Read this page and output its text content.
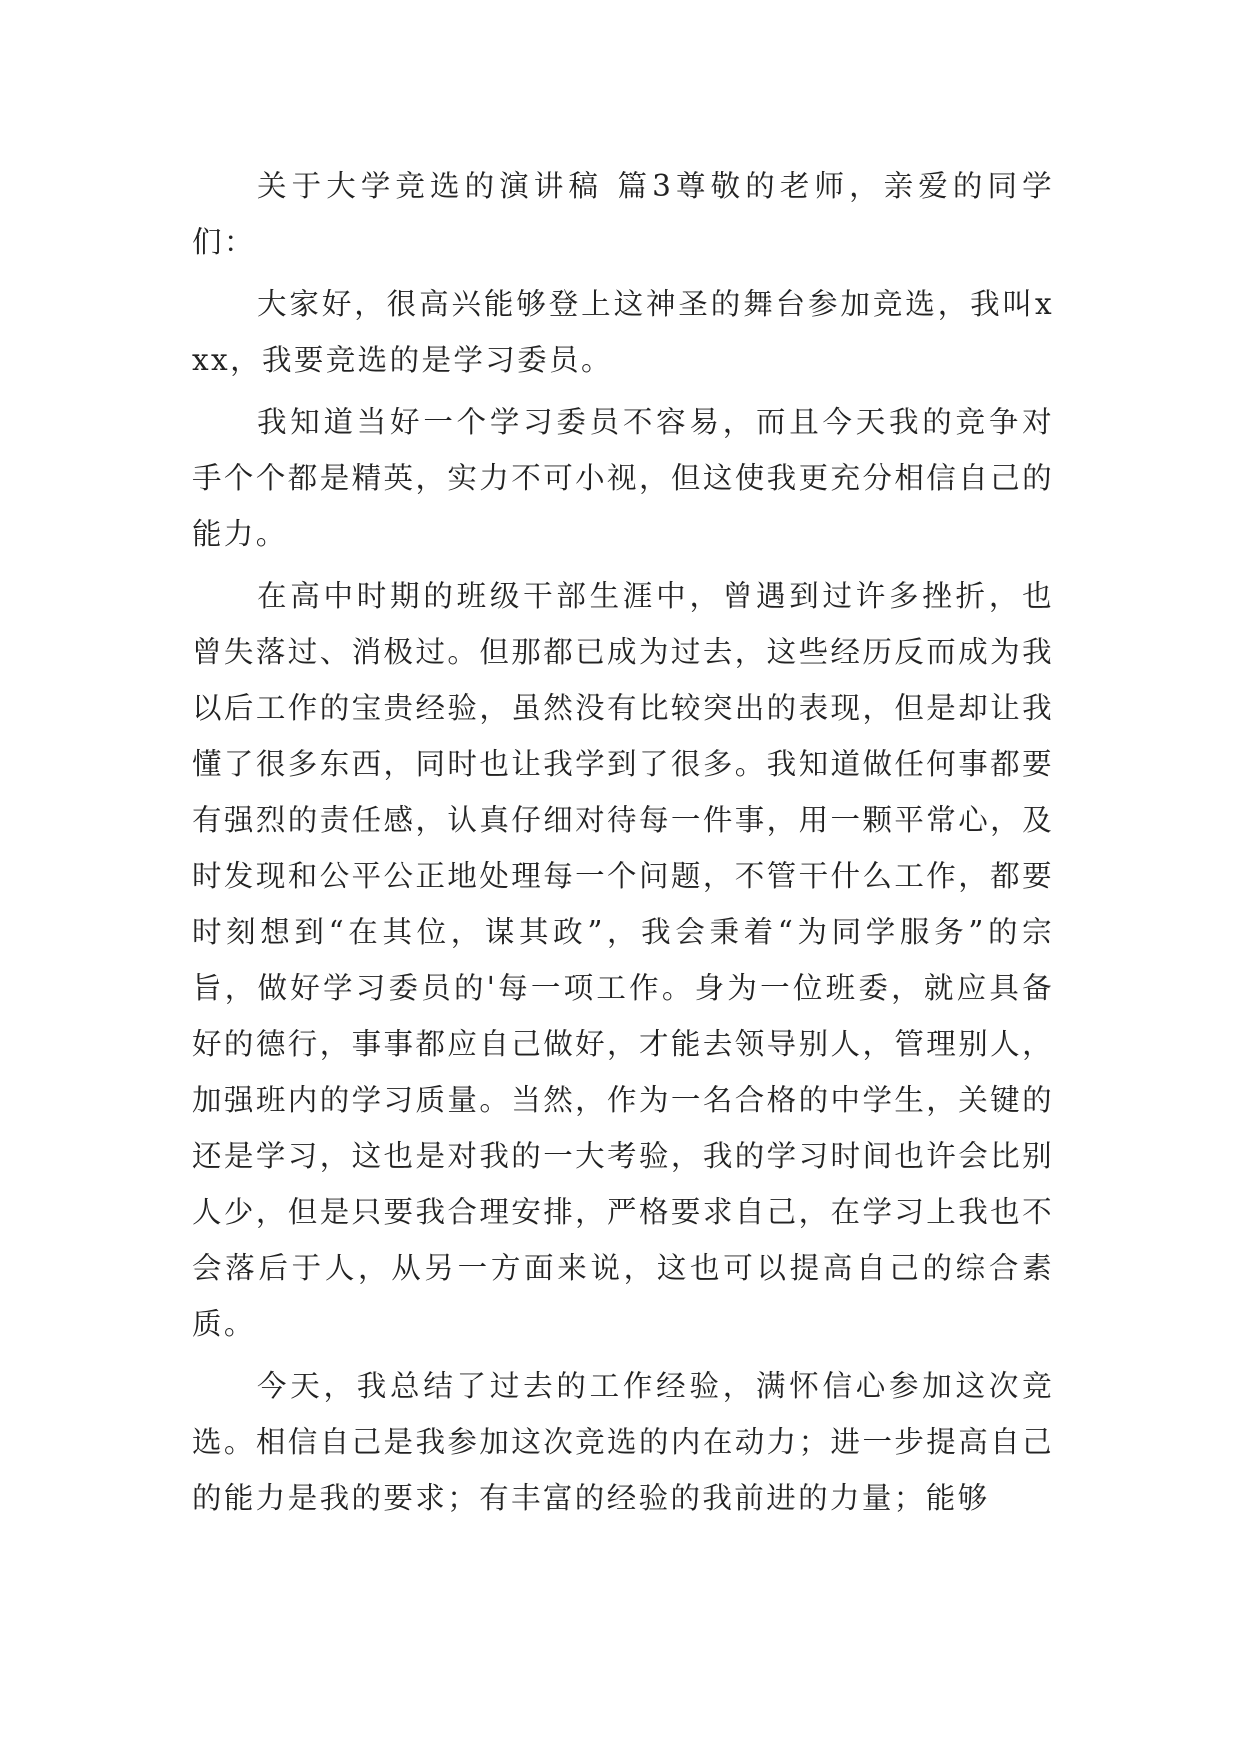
关于大学竞选的演讲稿 篇3尊敬的老师，亲爱的同学们：

大家好，很高兴能够登上这神圣的舞台参加竞选，我叫xxx，我要竞选的是学习委员。

我知道当好一个学习委员不容易，而且今天我的竞争对手个个都是精英，实力不可小视，但这使我更充分相信自己的能力。

在高中时期的班级干部生涯中，曾遇到过许多挫折，也曾失落过、消极过。但那都已成为过去，这些经历反而成为我以后工作的宝贵经验，虽然没有比较突出的表现，但是却让我懂了很多东西，同时也让我学到了很多。我知道做任何事都要有强烈的责任感，认真仔细对待每一件事，用一颗平常心，及时发现和公平公正地处理每一个问题，不管干什么工作，都要时刻想到“在其位，谋其政”，我会秉着“为同学服务”的宗旨，做好学习委员的'每一项工作。身为一位班委，就应具备好的德行，事事都应自己做好，才能去领导别人，管理别人，加强班内的学习质量。当然，作为一名合格的中学生，关键的还是学习，这也是对我的一大考验，我的学习时间也许会比别人少，但是只要我合理安排，严格要求自己，在学习上我也不会落后于人，从另一方面来说，这也可以提高自己的综合素质。

今天，我总结了过去的工作经验，满怀信心参加这次竞选。相信自己是我参加这次竞选的内在动力；进一步提高自己的能力是我的要求；有丰富的经验的我前进的力量；能够
